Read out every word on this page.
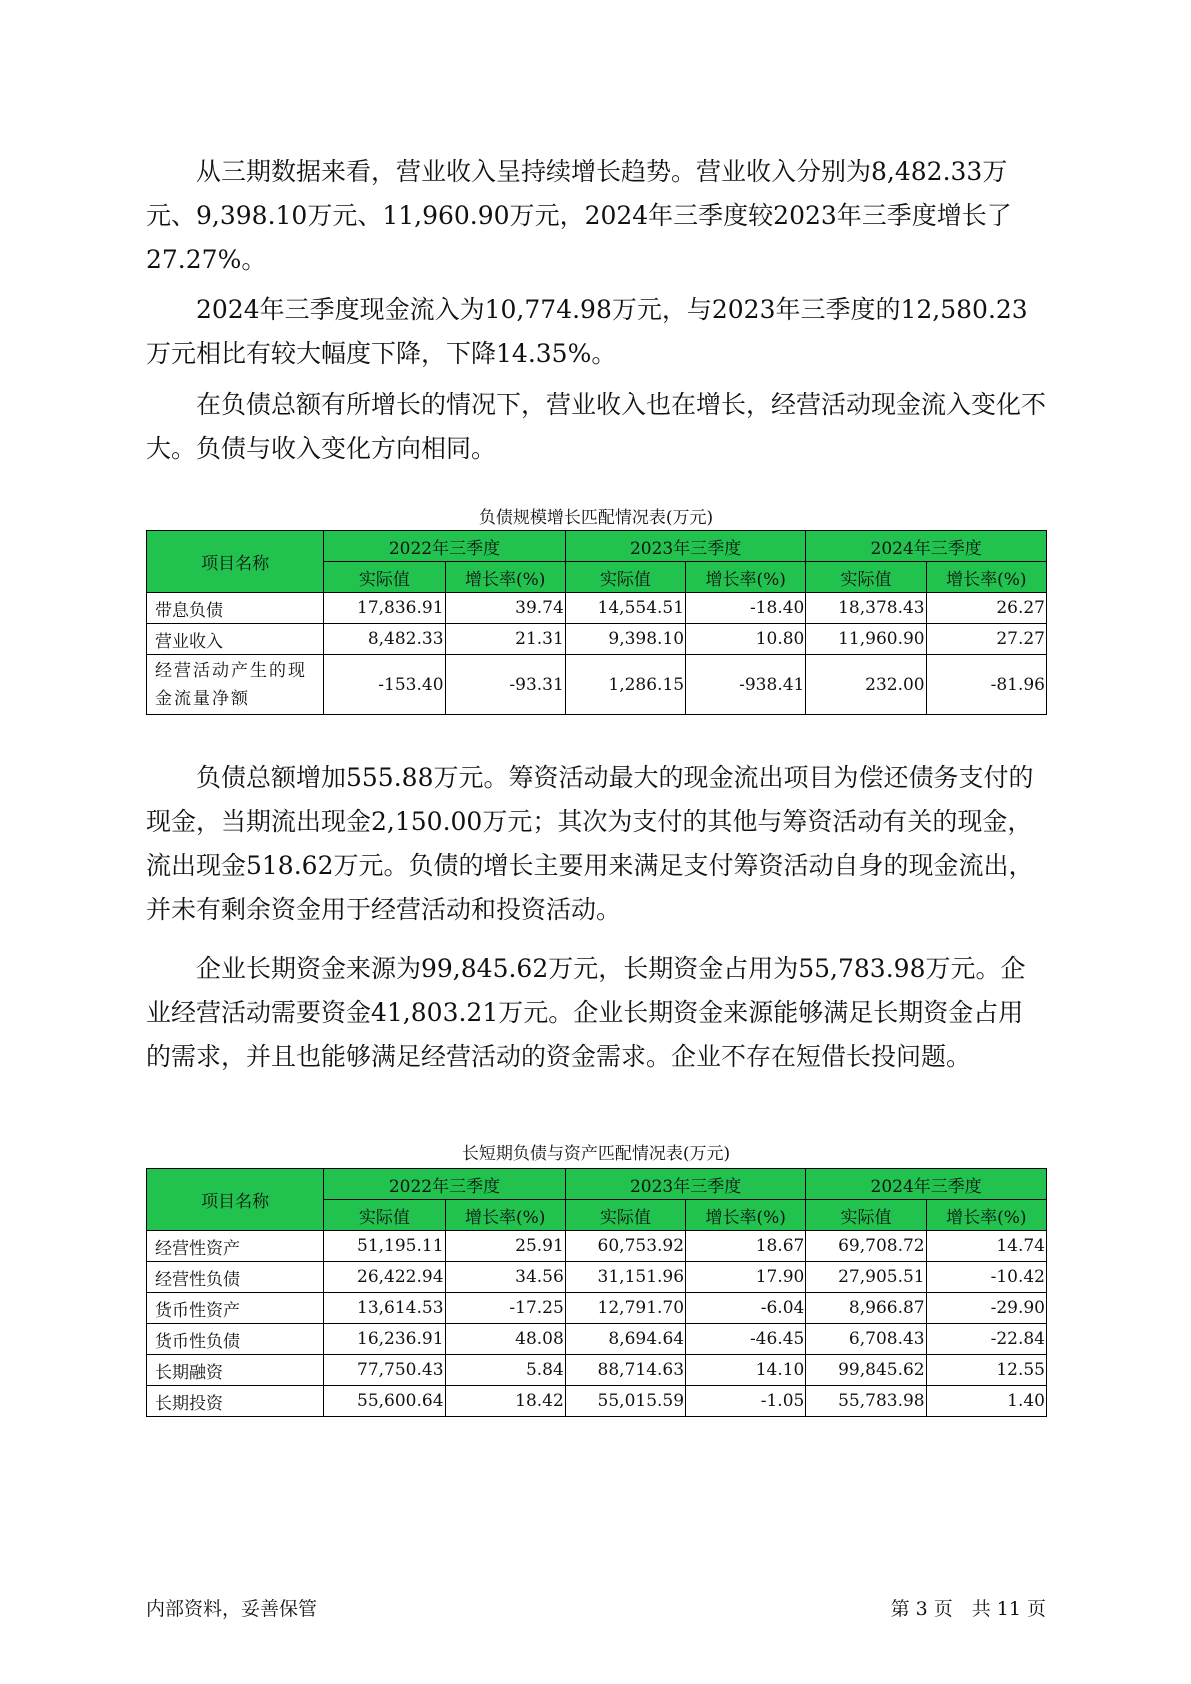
从三期数据来看，营业收入呈持续增长趋势。营业收入分别为8,482.33万元、9,398.10万元、11,960.90万元，2024年三季度较2023年三季度增长了27.27%。

2024年三季度现金流入为10,774.98万元，与2023年三季度的12,580.23万元相比有较大幅度下降，下降14.35%。

在负债总额有所增长的情况下，营业收入也在增长，经营活动现金流入变化不大。负债与收入变化方向相同。

负债规模增长匹配情况表(万元)
项目名称	2022年三季度		2023年三季度		2024年三季度	
	实际值	增长率(%)	实际值	增长率(%)	实际值	增长率(%)
带息负债	17,836.91	39.74	14,554.51	-18.40	18,378.43	26.27
营业收入	8,482.33	21.31	9,398.10	10.80	11,960.90	27.27
经营活动产生的现金流量净额	-153.40	-93.31	1,286.15	-938.41	232.00	-81.96

负债总额增加555.88万元。筹资活动最大的现金流出项目为偿还债务支付的现金，当期流出现金2,150.00万元；其次为支付的其他与筹资活动有关的现金，流出现金518.62万元。负债的增长主要用来满足支付筹资活动自身的现金流出，并未有剩余资金用于经营活动和投资活动。

企业长期资金来源为99,845.62万元，长期资金占用为55,783.98万元。企业经营活动需要资金41,803.21万元。企业长期资金来源能够满足长期资金占用的需求，并且也能够满足经营活动的资金需求。企业不存在短借长投问题。

长短期负债与资产匹配情况表(万元)
项目名称	2022年三季度		2023年三季度		2024年三季度	
	实际值	增长率(%)	实际值	增长率(%)	实际值	增长率(%)
经营性资产	51,195.11	25.91	60,753.92	18.67	69,708.72	14.74
经营性负债	26,422.94	34.56	31,151.96	17.90	27,905.51	-10.42
货币性资产	13,614.53	-17.25	12,791.70	-6.04	8,966.87	-29.90
货币性负债	16,236.91	48.08	8,694.64	-46.45	6,708.43	-22.84
长期融资	77,750.43	5.84	88,714.63	14.10	99,845.62	12.55
长期投资	55,600.64	18.42	55,015.59	-1.05	55,783.98	1.40
内部资料，妥善保管	第 3 页　共 11 页
